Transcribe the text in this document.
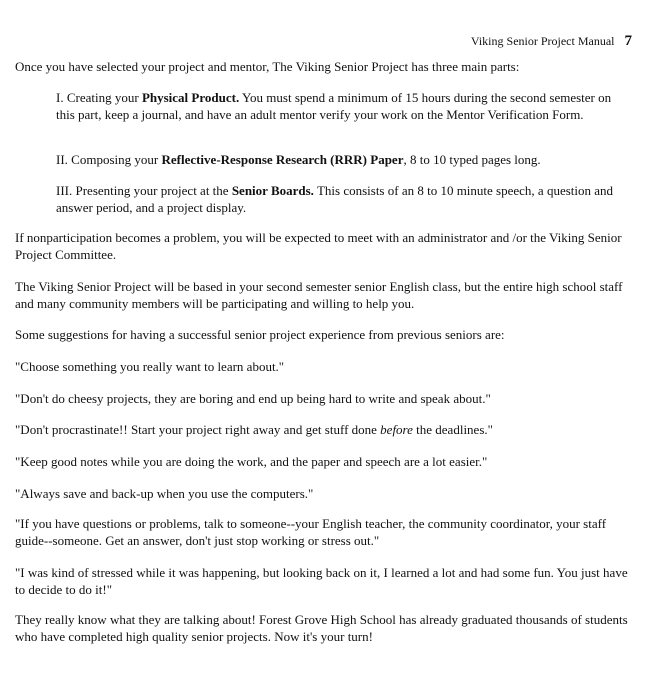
Viking Senior Project Manual 7

Once you have selected your project and mentor, The Viking Senior Project has three main parts:

I. Creating your Physical Product. You must spend a minimum of 15 hours during the second semester on this part, keep a journal, and have an adult mentor verify your work on the Mentor Verification Form.

II. Composing your Reflective-Response Research (RRR) Paper, 8 to 10 typed pages long.

III. Presenting your project at the Senior Boards. This consists of an 8 to 10 minute speech, a question and answer period, and a project display.

If nonparticipation becomes a problem, you will be expected to meet with an administrator and /or the Viking Senior Project Committee.

The Viking Senior Project will be based in your second semester senior English class, but the entire high school staff and many community members will be participating and willing to help you.

Some suggestions for having a successful senior project experience from previous seniors are:

"Choose something you really want to learn about."

"Don't do cheesy projects, they are boring and end up being hard to write and speak about."

"Don't procrastinate!! Start your project right away and get stuff done before the deadlines."

"Keep good notes while you are doing the work, and the paper and speech are a lot easier."

"Always save and back-up when you use the computers."

"If you have questions or problems, talk to someone--your English teacher, the community coordinator, your staff guide--someone. Get an answer, don't just stop working or stress out."

"I was kind of stressed while it was happening, but looking back on it, I learned a lot and had some fun. You just have to decide to do it!"

They really know what they are talking about! Forest Grove High School has already graduated thousands of students who have completed high quality senior projects. Now it's your turn!
